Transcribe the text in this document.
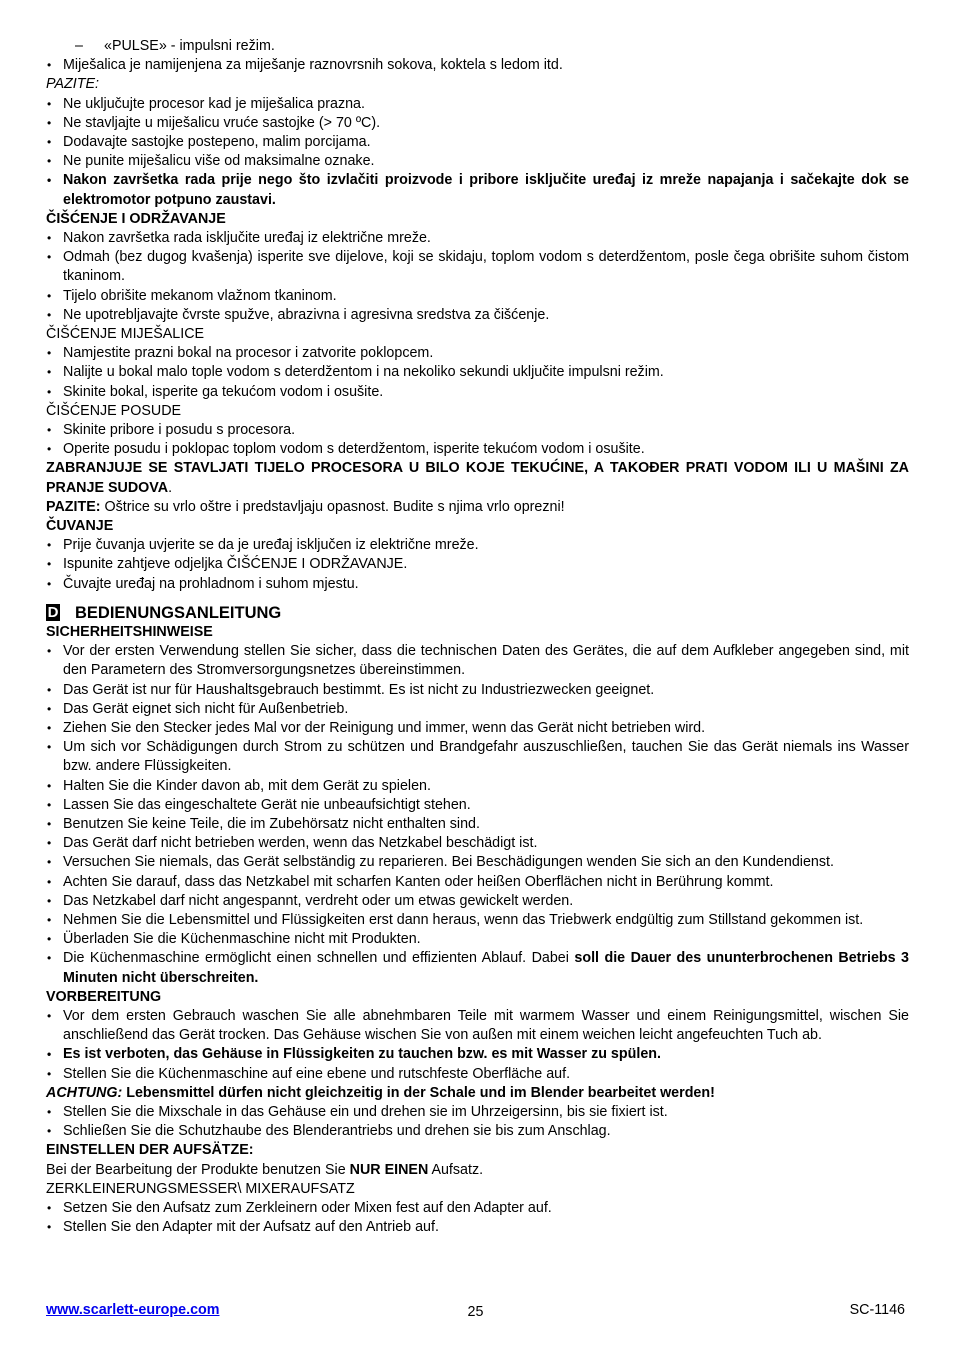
– «PULSE» - impulsni režim.
• Miješalica je namijenjena za miješanje raznovrsnih sokova, koktela s ledom itd.

PAZITE:

• Ne uključujte procesor kad je miješalica prazna.
• Ne stavljajte u miješalicu vruće sastojke (> 70 ºC).
• Dodavajte sastojke postepeno, malim porcijama.
• Ne punite miješalicu više od maksimalne oznake.
• Nakon završetka rada prije nego što izvlačiti proizvode i pribore isključite uređaj iz mreže napajanja i sačekajte dok se elektromotor potpuno zaustavi.

ČIŠĆENJE I ODRŽAVANJE

• Nakon završetka rada isključite uređaj iz električne mreže.
• Odmah (bez dugog kvašenja) isperite sve dijelove, koji se skidaju, toplom vodom s deterdžentom, posle čega obrišite suhom čistom tkaninom.
• Tijelo obrišite mekanom vlažnom tkaninom.
• Ne upotrebljavajte čvrste spužve, abrazivna i agresivna sredstva za čišćenje.

ČIŠĆENJE MIJEŠALICE

• Namjestite prazni bokal na procesor i zatvorite poklopcem.
• Nalijte u bokal malo tople vodom s deterdžentom i na nekoliko sekundi uključite impulsni režim.
• Skinite bokal, isperite ga tekućom vodom i osušite.

ČIŠĆENJE POSUDE

• Skinite pribore i posudu s procesora.
• Operite posudu i poklopac toplom vodom s deterdžentom, isperite tekućom vodom i osušite.

ZABRANJUJE SE STAVLJATI TIJELO PROCESORA U BILO KOJE TEKUĆINE, A TAKOĐER PRATI VODOM ILI U MAŠINI ZA PRANJE SUDOVA.

PAZITE: Oštrice su vrlo oštre i predstavljaju opasnost. Budite s njima vrlo oprezni!

ČUVANJE

• Prije čuvanja uvjerite se da je uređaj isključen iz električne mreže.
• Ispunite zahtjeve odjeljka ČIŠĆENJE I ODRŽAVANJE.
• Čuvajte uređaj na prohladnom i suhom mjestu.
D BEDIENUNGSANLEITUNG

SICHERHEITSHINWEISE

• Vor der ersten Verwendung stellen Sie sicher, dass die technischen Daten des Gerätes, die auf dem Aufkleber angegeben sind, mit den Parametern des Stromversorgungsnetzes übereinstimmen.
• Das Gerät ist nur für Haushaltsgebrauch bestimmt. Es ist nicht zu Industriezwecken geeignet.
• Das Gerät eignet sich nicht für Außenbetrieb.
• Ziehen Sie den Stecker jedes Mal vor der Reinigung und immer, wenn das Gerät nicht betrieben wird.
• Um sich vor Schädigungen durch Strom zu schützen und Brandgefahr auszuschließen, tauchen Sie das Gerät niemals ins Wasser bzw. andere Flüssigkeiten.
• Halten Sie die Kinder davon ab, mit dem Gerät zu spielen.
• Lassen Sie das eingeschaltete Gerät nie unbeaufsichtigt stehen.
• Benutzen Sie keine Teile, die im Zubehörsatz nicht enthalten sind.
• Das Gerät darf nicht betrieben werden, wenn das Netzkabel beschädigt ist.
• Versuchen Sie niemals, das Gerät selbständig zu reparieren. Bei Beschädigungen wenden Sie sich an den Kundendienst.
• Achten Sie darauf, dass das Netzkabel mit scharfen Kanten oder heißen Oberflächen nicht in Berührung kommt.
• Das Netzkabel darf nicht angespannt, verdreht oder um etwas gewickelt werden.
• Nehmen Sie die Lebensmittel und Flüssigkeiten erst dann heraus, wenn das Triebwerk endgültig zum Stillstand gekommen ist.
• Überladen Sie die Küchenmaschine nicht mit Produkten.
• Die Küchenmaschine ermöglicht einen schnellen und effizienten Ablauf. Dabei soll die Dauer des ununterbrochenen Betriebs 3 Minuten nicht überschreiten.

VORBEREITUNG

• Vor dem ersten Gebrauch waschen Sie alle abnehmbaren Teile mit warmem Wasser und einem Reinigungsmittel, wischen Sie anschließend das Gerät trocken. Das Gehäuse wischen Sie von außen mit einem weichen leicht angefeuchten Tuch ab.
• Es ist verboten, das Gehäuse in Flüssigkeiten zu tauchen bzw. es mit Wasser zu spülen.
• Stellen Sie die Küchenmaschine auf eine ebene und rutschfeste Oberfläche auf.

ACHTUNG: Lebensmittel dürfen nicht gleichzeitig in der Schale und im Blender bearbeitet werden!

• Stellen Sie die Mixschale in das Gehäuse ein und drehen sie im Uhrzeigersinn, bis sie fixiert ist.
• Schließen Sie die Schutzhaube des Blenderantriebs und drehen sie bis zum Anschlag.

EINSTELLEN DER AUFSÄTZE:

Bei der Bearbeitung der Produkte benutzen Sie NUR EINEN Aufsatz.

ZERKLEINERUNGSMESSER\ MIXERAUFSATZ

• Setzen Sie den Aufsatz zum Zerkleinern oder Mixen fest auf den Adapter auf.
• Stellen Sie den Adapter mit der Aufsatz auf den Antrieb auf.
www.scarlett-europe.com	25	SC-1146
